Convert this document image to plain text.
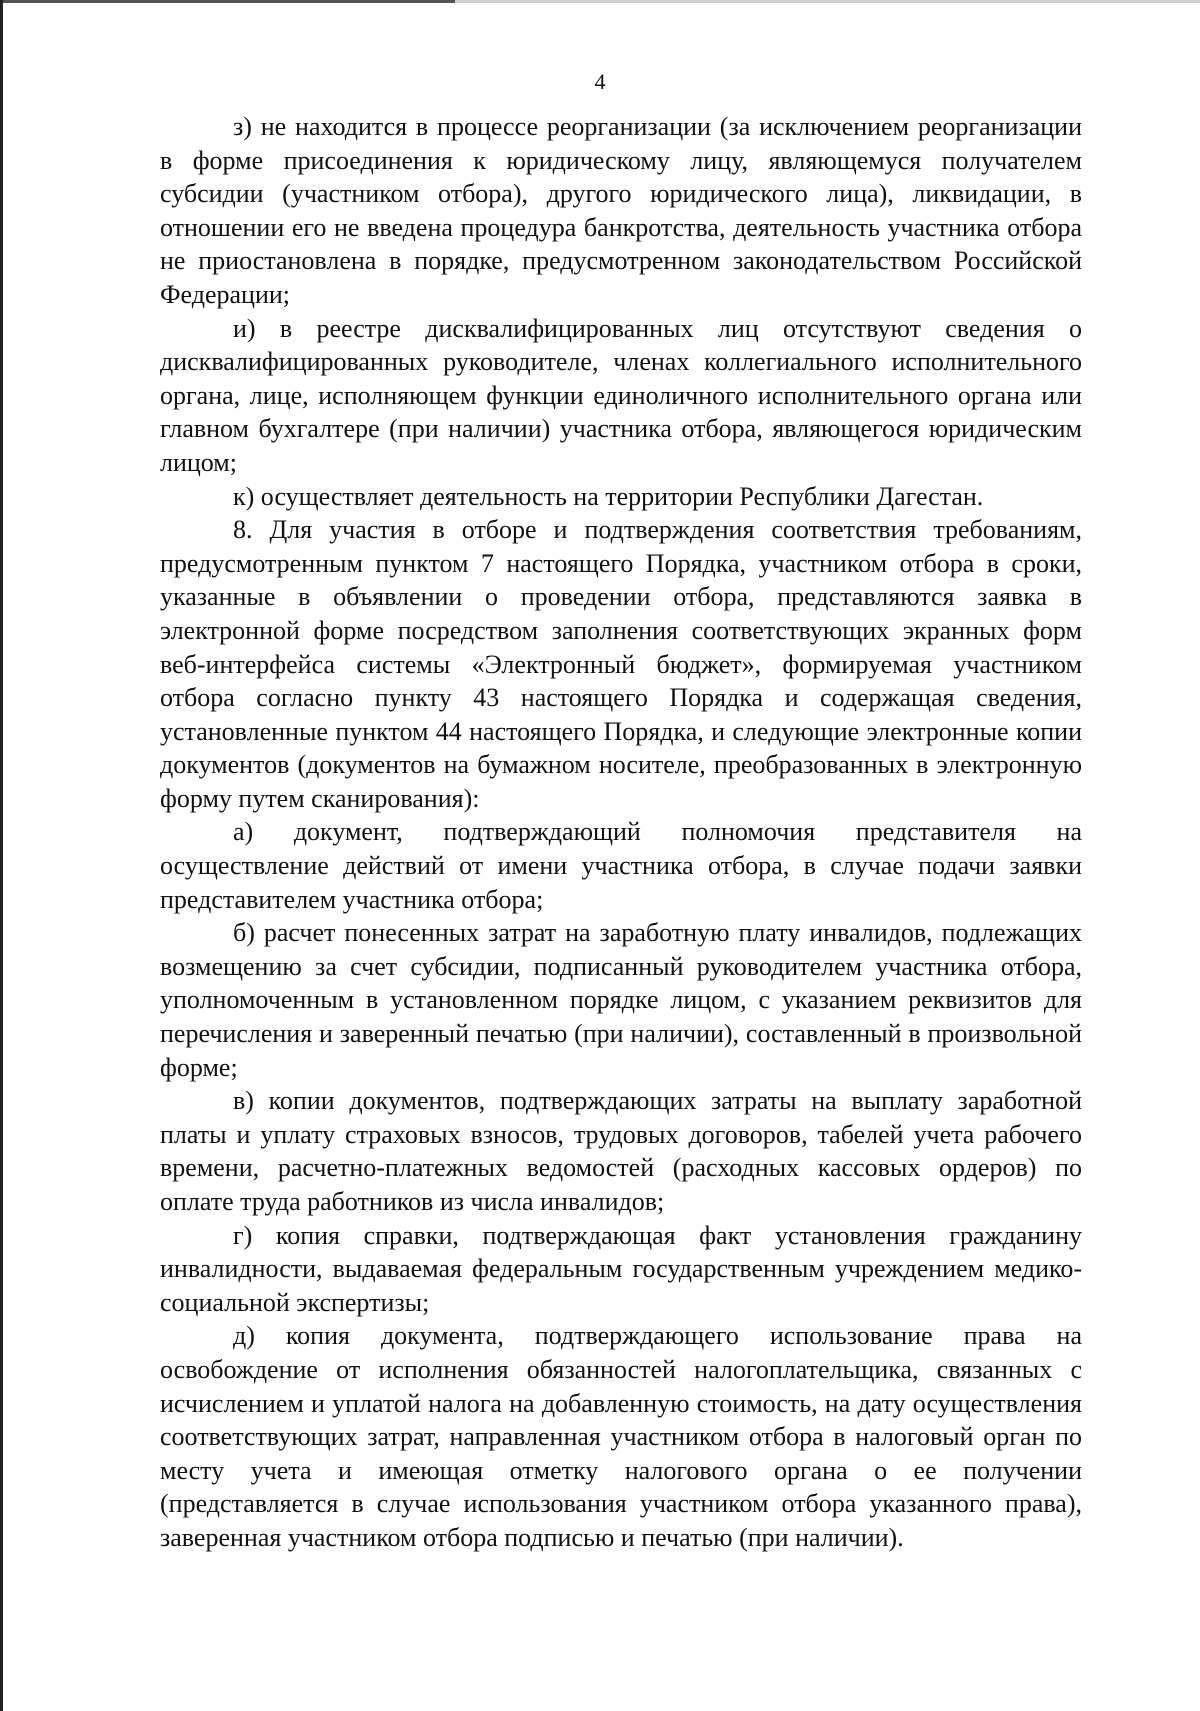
4

з) не находится в процессе реорганизации (за исключением реорганизации в форме присоединения к юридическому лицу, являющемуся получателем субсидии (участником отбора), другого юридического лица), ликвидации, в отношении его не введена процедура банкротства, деятельность участника отбора не приостановлена в порядке, предусмотренном законодательством Российской Федерации;

и) в реестре дисквалифицированных лиц отсутствуют сведения о дисквалифицированных руководителе, членах коллегиального исполнительного органа, лице, исполняющем функции единоличного исполнительного органа или главном бухгалтере (при наличии) участника отбора, являющегося юридическим лицом;

к) осуществляет деятельность на территории Республики Дагестан.

8. Для участия в отборе и подтверждения соответствия требованиям, предусмотренным пунктом 7 настоящего Порядка, участником отбора в сроки, указанные в объявлении о проведении отбора, представляются заявка в электронной форме посредством заполнения соответствующих экранных форм веб-интерфейса системы «Электронный бюджет», формируемая участником отбора согласно пункту 43 настоящего Порядка и содержащая сведения, установленные пунктом 44 настоящего Порядка, и следующие электронные копии документов (документов на бумажном носителе, преобразованных в электронную форму путем сканирования):

а) документ, подтверждающий полномочия представителя на осуществление действий от имени участника отбора, в случае подачи заявки представителем участника отбора;

б) расчет понесенных затрат на заработную плату инвалидов, подлежащих возмещению за счет субсидии, подписанный руководителем участника отбора, уполномоченным в установленном порядке лицом, с указанием реквизитов для перечисления и заверенный печатью (при наличии), составленный в произвольной форме;

в) копии документов, подтверждающих затраты на выплату заработной платы и уплату страховых взносов, трудовых договоров, табелей учета рабочего времени, расчетно-платежных ведомостей (расходных кассовых ордеров) по оплате труда работников из числа инвалидов;

г) копия справки, подтверждающая факт установления гражданину инвалидности, выдаваемая федеральным государственным учреждением медико-социальной экспертизы;

д) копия документа, подтверждающего использование права на освобождение от исполнения обязанностей налогоплательщика, связанных с исчислением и уплатой налога на добавленную стоимость, на дату осуществления соответствующих затрат, направленная участником отбора в налоговый орган по месту учета и имеющая отметку налогового органа о ее получении (представляется в случае использования участником отбора указанного права), заверенная участником отбора подписью и печатью (при наличии).
